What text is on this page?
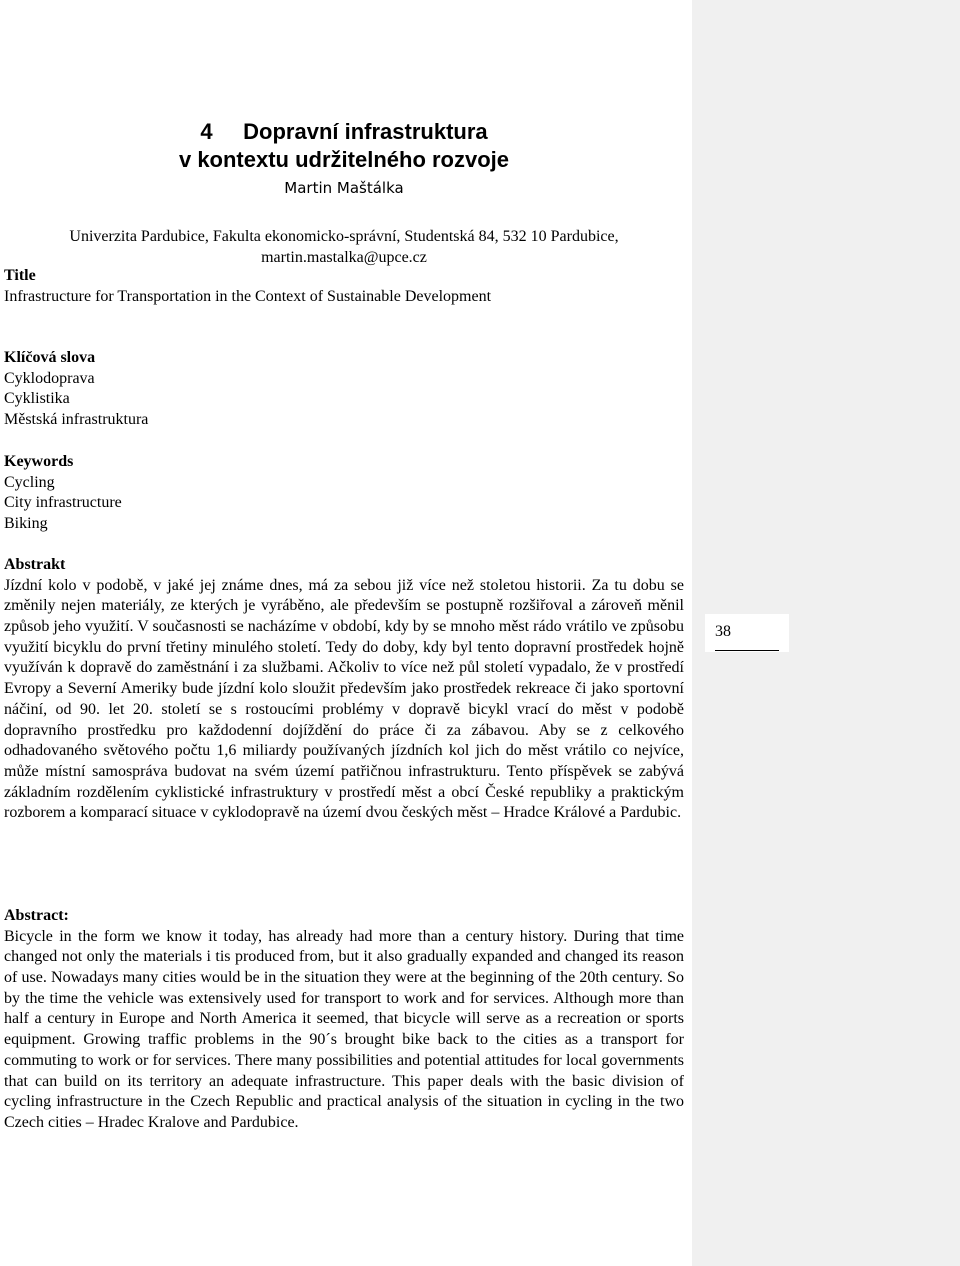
38
4 Dopravní infrastruktura
v kontextu udržitelného rozvoje
Martin Maštálka
Univerzita Pardubice, Fakulta ekonomicko-správní, Studentská 84, 532 10 Pardubice,
martin.mastalka@upce.cz
Title
Infrastructure for Transportation in the Context of Sustainable Development
Klíčová slova
Cyklodoprava
Cyklistika
Městská infrastruktura
Keywords
Cycling
City infrastructure
Biking
Abstrakt

Jízdní kolo v podobě, v jaké jej známe dnes, má za sebou již více než stoletou historii. Za tu dobu se změnily nejen materiály, ze kterých je vyráběno, ale především se postupně rozšiřoval a zároveň měnil způsob jeho využití. V současnosti se nacházíme v období, kdy by se mnoho měst rádo vrátilo ve způsobu využití bicyklu do první třetiny minulého století. Tedy do doby, kdy byl tento dopravní prostředek hojně využíván k dopravě do zaměstnání i za službami. Ačkoliv to více než půl století vypadalo, že v prostředí Evropy a Severní Ameriky bude jízdní kolo sloužit především jako prostředek rekreace či jako sportovní náčiní, od 90. let 20. století se s rostoucími problémy v dopravě bicykl vrací do měst v podobě dopravního prostředku pro každodenní dojíždění do práce či za zábavou. Aby se z celkového odhadovaného světového počtu 1,6 miliardy používaných jízdních kol jich do měst vrátilo co nejvíce, může místní samospráva budovat na svém území patřičnou infrastrukturu. Tento příspěvek se zabývá základním rozdělením cyklistické infrastruktury v prostředí měst a obcí České republiky a praktickým rozborem a komparací situace v cyklodopravě na území dvou českých měst – Hradce Králové a Pardubic.

Abstract:

Bicycle in the form we know it today, has already had more than a century history. During that time changed not only the materials i tis produced from, but it also gradually expanded and changed its reason of use. Nowadays many cities would be in the situation they were at the beginning of the 20th century. So by the time the vehicle was extensively used for transport to work and for services. Although more than half a century in Europe and North America it seemed, that bicycle will serve as a recreation or sports equipment. Growing traffic problems in the 90´s brought bike back to the cities as a transport for commuting to work or for services. There many possibilities and potential attitudes for local governments that can build on its territory an adequate infrastructure. This paper deals with the basic division of cycling infrastructure in the Czech Republic and practical analysis of the situation in cycling in the two Czech cities – Hradec Kralove and Pardubice.
